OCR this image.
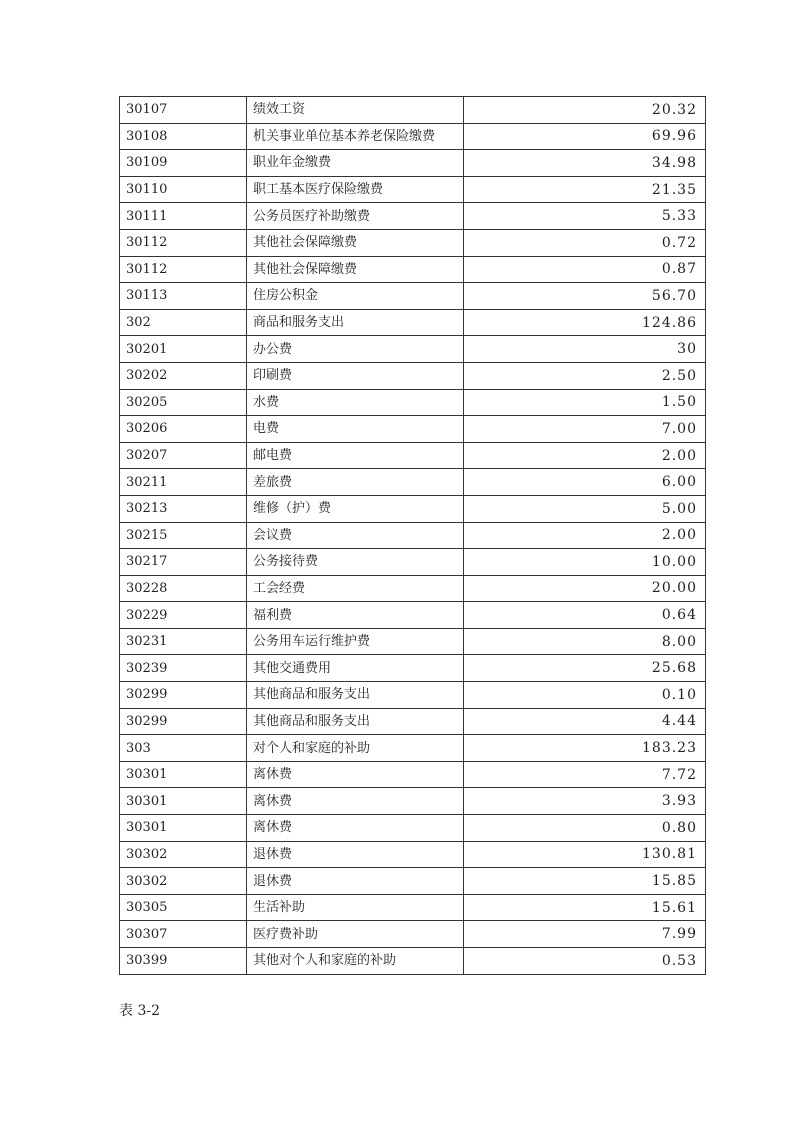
30107	绩效工资	20.32
30108	机关事业单位基本养老保险缴费	69.96
30109	职业年金缴费	34.98
30110	职工基本医疗保险缴费	21.35
30111	公务员医疗补助缴费	5.33
30112	其他社会保障缴费	0.72
30112	其他社会保障缴费	0.87
30113	住房公积金	56.70
302	商品和服务支出	124.86
30201	办公费	30
30202	印刷费	2.50
30205	水费	1.50
30206	电费	7.00
30207	邮电费	2.00
30211	差旅费	6.00
30213	维修（护）费	5.00
30215	会议费	2.00
30217	公务接待费	10.00
30228	工会经费	20.00
30229	福利费	0.64
30231	公务用车运行维护费	8.00
30239	其他交通费用	25.68
30299	其他商品和服务支出	0.10
30299	其他商品和服务支出	4.44
303	对个人和家庭的补助	183.23
30301	离休费	7.72
30301	离休费	3.93
30301	离休费	0.80
30302	退休费	130.81
30302	退休费	15.85
30305	生活补助	15.61
30307	医疗费补助	7.99
30399	其他对个人和家庭的补助	0.53
表 3-2
